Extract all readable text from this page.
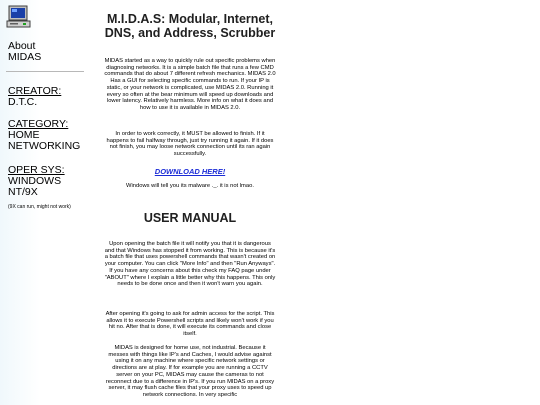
About
MIDAS
CREATOR:
D.T.C.
CATEGORY:
HOME
NETWORKING
OPER SYS:
WINDOWS
NT/9X
(9X can run, might not work)
M.I.D.A.S: Modular, Internet, DNS, and Address, Scrubber

MIDAS started as a way to quickly rule out specific problems when diagnosing networks. It is a simple batch file that runs a few CMD commands that do about 7 different refresh mechanics. MIDAS 2.0 Has a GUI for selecting specific commands to run. If your IP is static, or your network is complicated, use MIDAS 2.0. Running it every so often at the bear minimum will speed up downloads and lower latency. Relatively harmless. More info on what it does and how to use it is available in MIDAS 2.0.

In order to work correctly, it MUST be allowed to finish. If it happens to fail halfway through, just try running it again. If it does not finish, you may loose network connection until its ran again successfully.

DOWNLOAD HERE!

Windows will tell you its malware ._. it is not lmao.

USER MANUAL

Upon opening the batch file it will notify you that it is dangerous and that Windows has stopped it from working. This is because it's a batch file that uses powershell commands that wasn't created on your computer. You can click "More Info" and then "Run Anyways". If you have any concerns about this check my FAQ page under "ABOUT" where I explain a little better why this happens. This only needs to be done once and then it won't warn you again.

After opening it's going to ask for admin access for the script. This allows it to execute Powershell scripts and likely won't work if you hit no. After that is done, it will execute its commands and close itself.

MIDAS is designed for home use, not industrial. Because it messes with things like IP's and Caches, I would advise against using it on any machine where specific network settings or directions are at play. If for example you are running a CCTV server on your PC, MIDAS may cause the cameras to not reconnect due to a difference in IP's. If you run MIDAS on a proxy server, it may flush cache files that your proxy uses to speed up network connections. In very specific
